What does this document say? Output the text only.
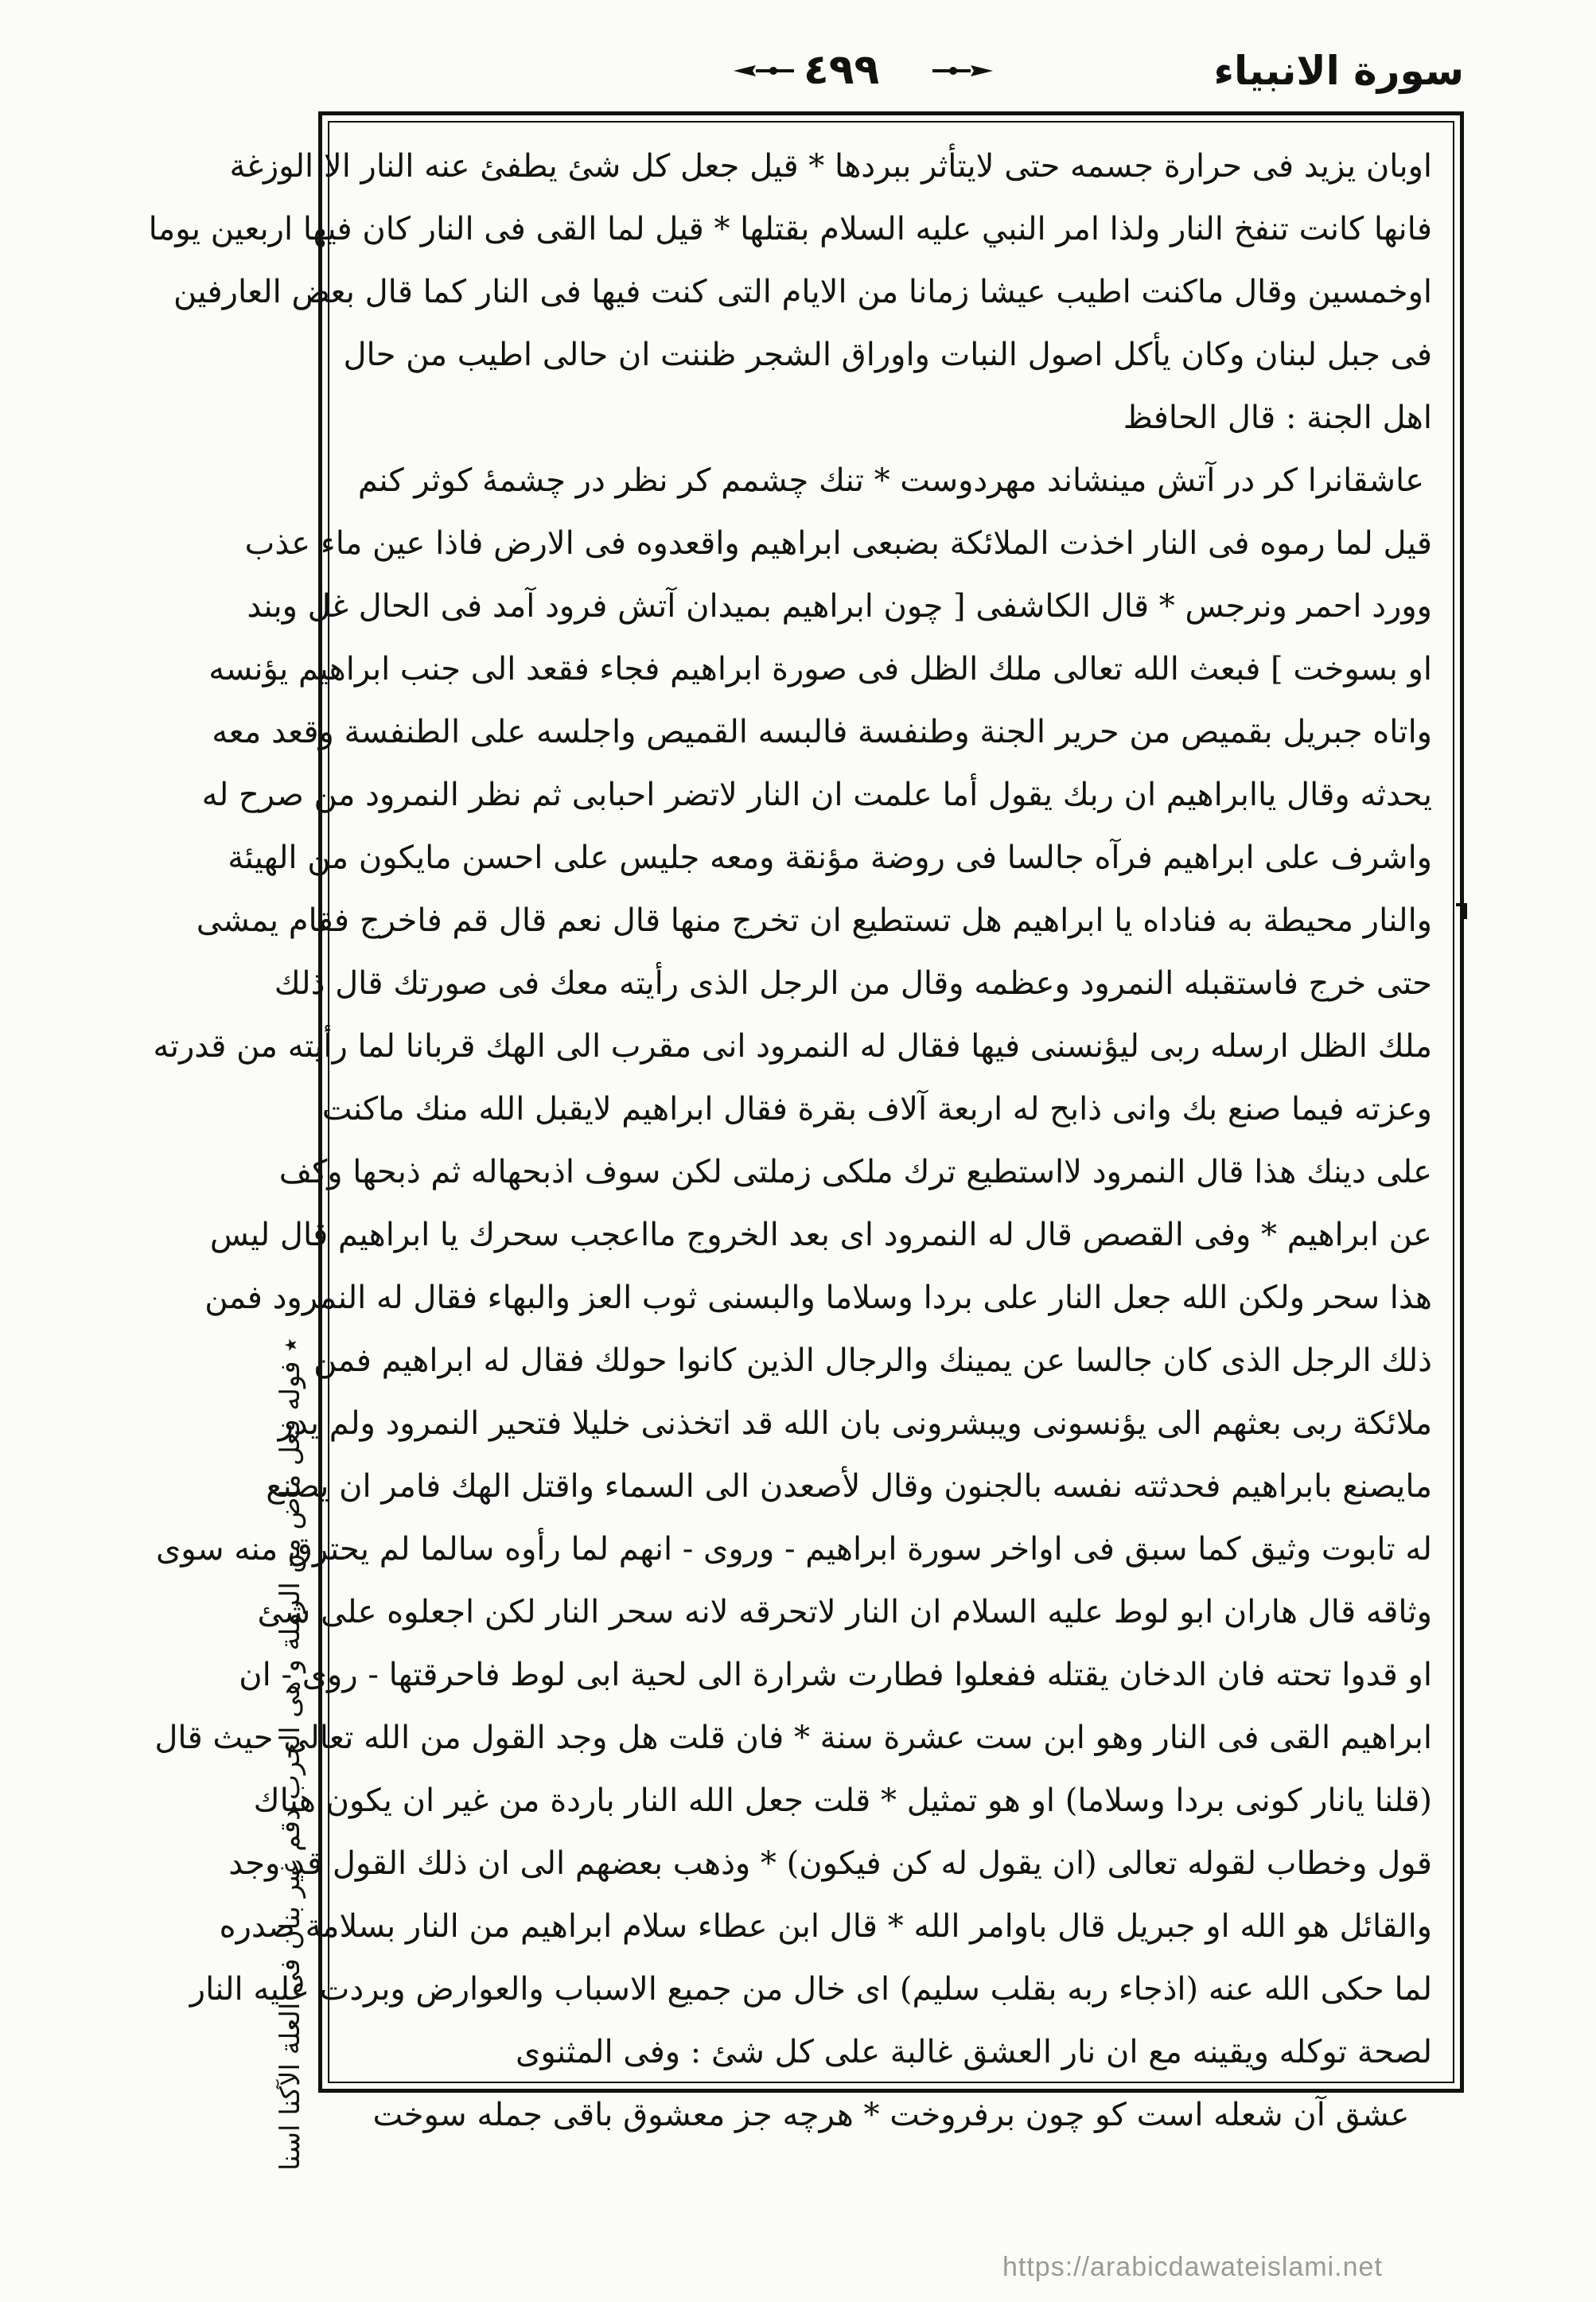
٤٩٩	سورة الانبياء
اوبان يزيد فى حرارة جسمه حتى لايتأثر ببردها * قيل جعل كل شئ يطفئ عنه النار الا الوزغة
فانها كانت تنفخ النار ولذا امر النبي عليه السلام بقتلها * قيل لما القى فى النار كان فيها اربعين يوما
اوخمسين وقال ماكنت اطيب عيشا زمانا من الايام التى كنت فيها فى النار كما قال بعض العارفين
فى جبل لبنان وكان يأكل اصول النبات واوراق الشجر ظننت ان حالى اطيب من حال
اهل الجنة : قال الحافظ
عاشقانرا كر در آتش مينشاند مهردوست * تنك چشمم كر نظر در چشمهٔ كوثر كنم
قيل لما رموه فى النار اخذت الملائكة بضبعى ابراهيم واقعدوه فى الارض فاذا عين ماء عذب
وورد احمر ونرجس * قال الكاشفى [ چون ابراهيم بميدان آتش فرود آمد فى الحال غل وبند
او بسوخت ] فبعث الله تعالى ملك الظل فى صورة ابراهيم فجاء فقعد الى جنب ابراهيم يؤنسه
واتاه جبريل بقميص من حرير الجنة وطنفسة فالبسه القميص واجلسه على الطنفسة وقعد معه
يحدثه وقال ياابراهيم ان ربك يقول أما علمت ان النار لاتضر احبابى ثم نظر النمرود من صرح له
واشرف على ابراهيم فرآه جالسا فى روضة مؤنقة ومعه جليس على احسن مايكون من الهيئة
والنار محيطة به فناداه يا ابراهيم هل تستطيع ان تخرج منها قال نعم قال قم فاخرج فقام يمشى
حتى خرج فاستقبله النمرود وعظمه وقال من الرجل الذى رأيته معك فى صورتك قال ذلك
ملك الظل ارسله ربى ليؤنسنى فيها فقال له النمرود انى مقرب الى الهك قربانا لما رأيته من قدرته
وعزته فيما صنع بك وانى ذابح له اربعة آلاف بقرة فقال ابراهيم لايقبل الله منك ماكنت
على دينك هذا قال النمرود لااستطيع ترك ملكى زملتى لكن سوف اذبحهاله ثم ذبحها وكف
عن ابراهيم * وفى القصص قال له النمرود اى بعد الخروج مااعجب سحرك يا ابراهيم قال ليس
هذا سحر ولكن الله جعل النار على بردا وسلاما والبسنى ثوب العز والبهاء فقال له النمرود فمن
ذلك الرجل الذى كان جالسا عن يمينك والرجال الذين كانوا حولك فقال له ابراهيم فمن
ملائكة ربى بعثهم الى يؤنسونى ويبشرونى بان الله قد اتخذنى خليلا فتحير النمرود ولم يدر
مايصنع بابراهيم فحدثته نفسه بالجنون وقال لأصعدن الى السماء واقتل الهك فامر ان يصنع
له تابوت وثيق كما سبق فى اواخر سورة ابراهيم - وروى - انهم لما رأوه سالما لم يحترق منه سوى
وثاقه قال هاران ابو لوط عليه السلام ان النار لاتحرقه لانه سحر النار لكن اجعلوه على شئ
او قدوا تحته فان الدخان يقتله ففعلوا فطارت شرارة الى لحية ابى لوط فاحرقتها - روى - ان
ابراهيم القى فى النار وهو ابن ست عشرة سنة * فان قلت هل وجد القول من الله تعالى حيث قال
(قلنا يانار كونى بردا وسلاما) او هو تمثيل * قلت جعل الله النار باردة من غير ان يكون هناك
قول وخطاب لقوله تعالى (ان يقول له كن فيكون) * وذهب بعضهم الى ان ذلك القول قد وجد
والقائل هو الله او جبريل قال باوامر الله * قال ابن عطاء سلام ابراهيم من النار بسلامة صدره
لما حكى الله عنه (اذجاء ربه بقلب سليم) اى خال من جميع الاسباب والعوارض وبردت عليه النار
لصحة توكله ويقينه مع ان نار العشق غالبة على كل شئ : وفى المثنوى
عشق آن شعله است كو چون برفروخت * هرچه جز معشوق باقى جمله سوخت
٭ فوله فعل ماض من الرملة و هى الحرب دقم غير بنان فى العلة الآكنا اسنا
https://arabicdawateislami.net
